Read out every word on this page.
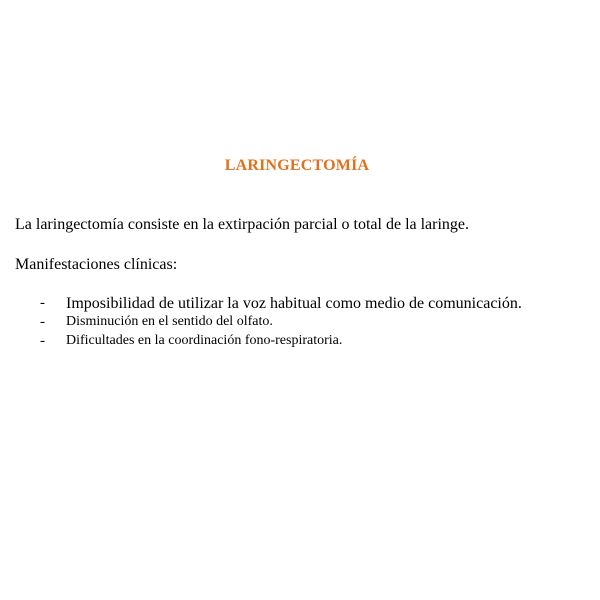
LARINGECTOMÍA
La laringectomía consiste en la extirpación parcial o total de la laringe.
Manifestaciones clínicas:
-	Imposibilidad de utilizar la voz habitual como medio de comunicación.
-	Disminución en el sentido del olfato.
-	Dificultades en la coordinación fono-respiratoria.
